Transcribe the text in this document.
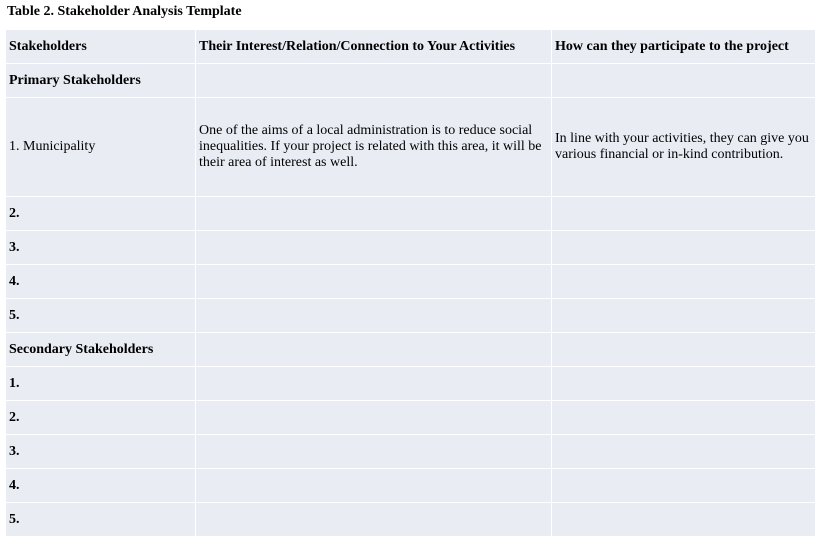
Table 2. Stakeholder Analysis Template
Stakeholders	Their Interest/Relation/Connection to Your Activities	How can they participate to the project
Primary Stakeholders		
1. Municipality	One of the aims of a local administration is to reduce social inequalities. If your project is related with this area, it will be their area of interest as well.	In line with your activities, they can give you various financial or in-kind contribution.
2.		
3.		
4.		
5.		
Secondary Stakeholders		
1.		
2.		
3.		
4.		
5.		
